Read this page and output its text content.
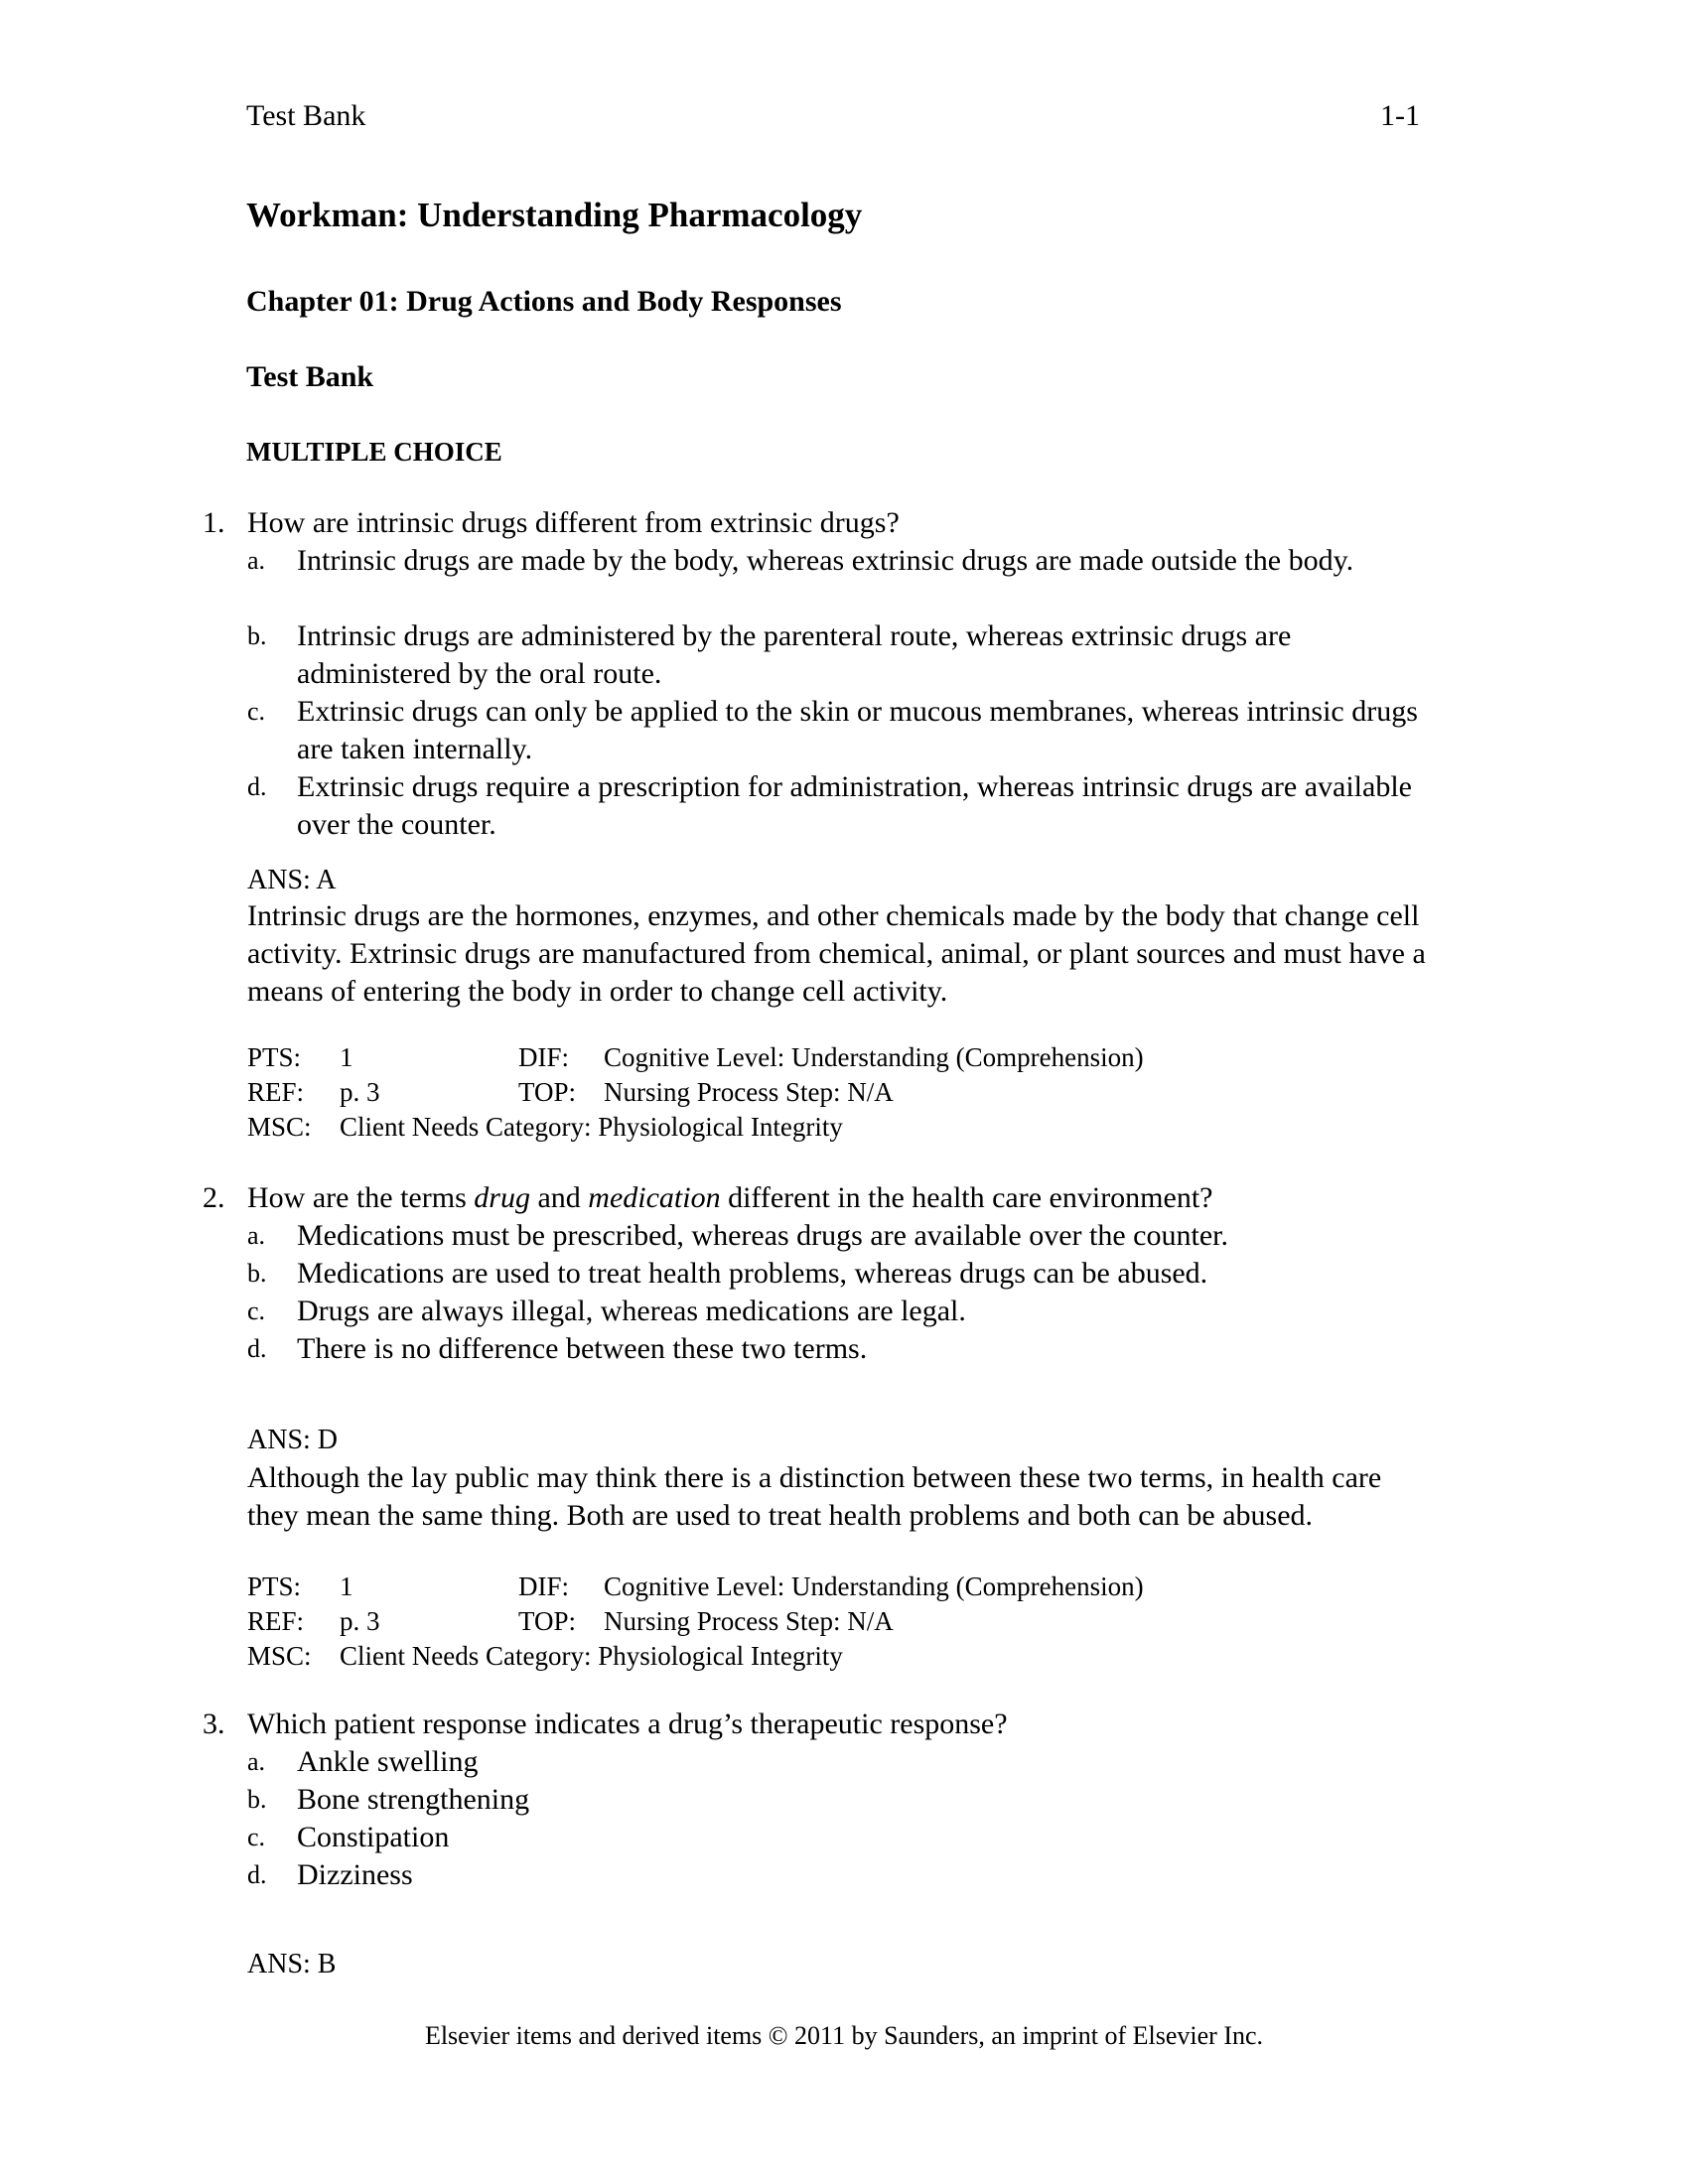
Test Bank	1-1
Workman: Understanding Pharmacology
Chapter 01: Drug Actions and Body Responses
Test Bank
MULTIPLE CHOICE
1. How are intrinsic drugs different from extrinsic drugs?
a. Intrinsic drugs are made by the body, whereas extrinsic drugs are made outside the body.
b. Intrinsic drugs are administered by the parenteral route, whereas extrinsic drugs are administered by the oral route.
c. Extrinsic drugs can only be applied to the skin or mucous membranes, whereas intrinsic drugs are taken internally.
d. Extrinsic drugs require a prescription for administration, whereas intrinsic drugs are available over the counter.
ANS: A
Intrinsic drugs are the hormones, enzymes, and other chemicals made by the body that change cell activity. Extrinsic drugs are manufactured from chemical, animal, or plant sources and must have a means of entering the body in order to change cell activity.
PTS: 1	DIF: Cognitive Level: Understanding (Comprehension)
REF: p. 3	TOP: Nursing Process Step: N/A
MSC: Client Needs Category: Physiological Integrity
2. How are the terms drug and medication different in the health care environment?
a. Medications must be prescribed, whereas drugs are available over the counter.
b. Medications are used to treat health problems, whereas drugs can be abused.
c. Drugs are always illegal, whereas medications are legal.
d. There is no difference between these two terms.
ANS: D
Although the lay public may think there is a distinction between these two terms, in health care they mean the same thing. Both are used to treat health problems and both can be abused.
PTS: 1	DIF: Cognitive Level: Understanding (Comprehension)
REF: p. 3	TOP: Nursing Process Step: N/A
MSC: Client Needs Category: Physiological Integrity
3. Which patient response indicates a drug’s therapeutic response?
a. Ankle swelling
b. Bone strengthening
c. Constipation
d. Dizziness
ANS: B
Elsevier items and derived items © 2011 by Saunders, an imprint of Elsevier Inc.
